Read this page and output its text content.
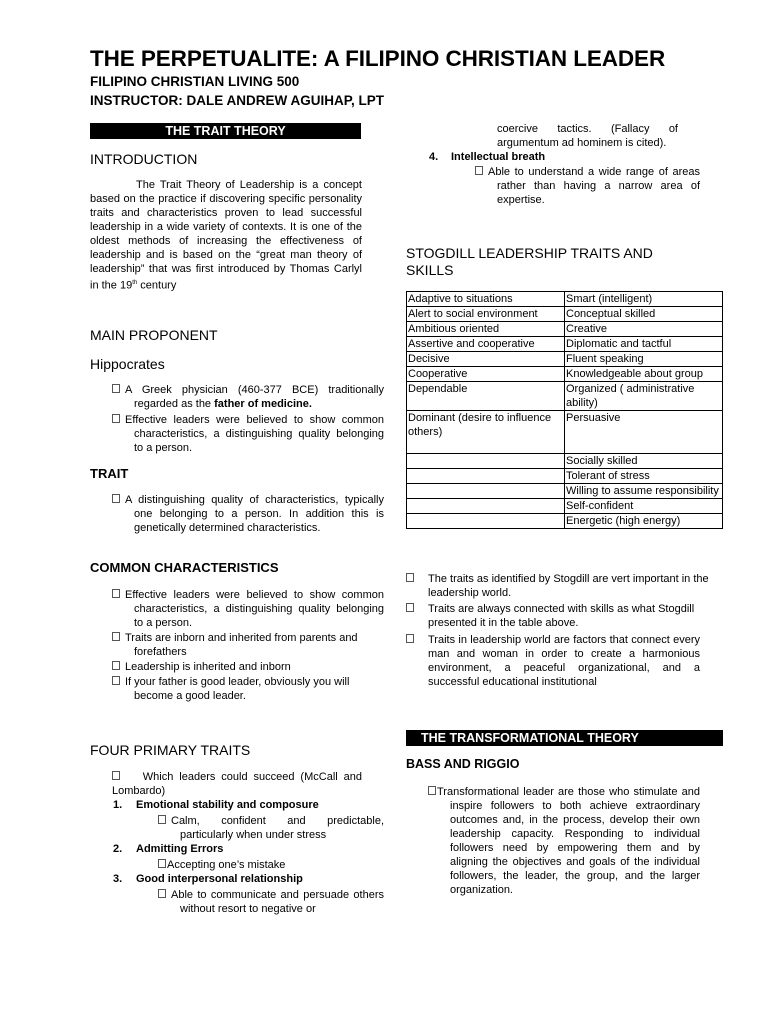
THE PERPETUALITE: A FILIPINO CHRISTIAN LEADER
FILIPINO CHRISTIAN LIVING 500
INSTRUCTOR: DALE ANDREW AGUIHAP, LPT
THE TRAIT THEORY
INTRODUCTION
The Trait Theory of Leadership is a concept based on the practice if discovering specific personality traits and characteristics proven to lead successful leadership in a wide variety of contexts. It is one of the oldest methods of increasing the effectiveness of leadership and is based on the “great man theory of leadership” that was first introduced by Thomas Carlyl in the 19th century
MAIN PROPONENT
Hippocrates
A Greek physician (460-377 BCE) traditionally regarded as the father of medicine.
Effective leaders were believed to show common characteristics, a distinguishing quality belonging to a person.
TRAIT
A distinguishing quality of characteristics, typically one belonging to a person. In addition this is genetically determined characteristics.
COMMON CHARACTERISTICS
Effective leaders were believed to show common characteristics, a distinguishing quality belonging to a person.
Traits are inborn and inherited from parents and forefathers
Leadership is inherited and inborn
If your father is good leader, obviously you will become a good leader.
FOUR PRIMARY TRAITS
Which leaders could succeed (McCall and Lombardo)
1. Emotional stability and composure
Calm, confident and predictable, particularly when under stress
2. Admitting Errors
Accepting one’s mistake
3. Good interpersonal relationship
Able to communicate and persuade others without resort to negative or
coercive tactics. (Fallacy of argumentum ad hominem is cited).
4. Intellectual breath
Able to understand a wide range of areas rather than having a narrow area of expertise.
STOGDILL LEADERSHIP TRAITS AND SKILLS
Adaptive to situations	Smart (intelligent)
Alert to social environment	Conceptual skilled
Ambitious oriented	Creative
Assertive and cooperative	Diplomatic and tactful
Decisive	Fluent speaking
Cooperative	Knowledgeable about group
Dependable	Organized ( administrative ability)
Dominant (desire to influence others)	Persuasive
	Socially skilled
	Tolerant of stress
	Willing to assume responsibility
	Self-confident
	Energetic (high energy)
The traits as identified by Stogdill are vert important in the leadership world.
Traits are always connected with skills as what Stogdill presented it in the table above.
Traits in leadership world are factors that connect every man and woman in order to create a harmonious environment, a peaceful organizational, and a successful educational institutional
THE TRANSFORMATIONAL THEORY
BASS AND RIGGIO
Transformational leader are those who stimulate and inspire followers to both achieve extraordinary outcomes and, in the process, develop their own leadership capacity. Responding to individual followers need by empowering them and by aligning the objectives and goals of the individual followers, the leader, the group, and the larger organization.
